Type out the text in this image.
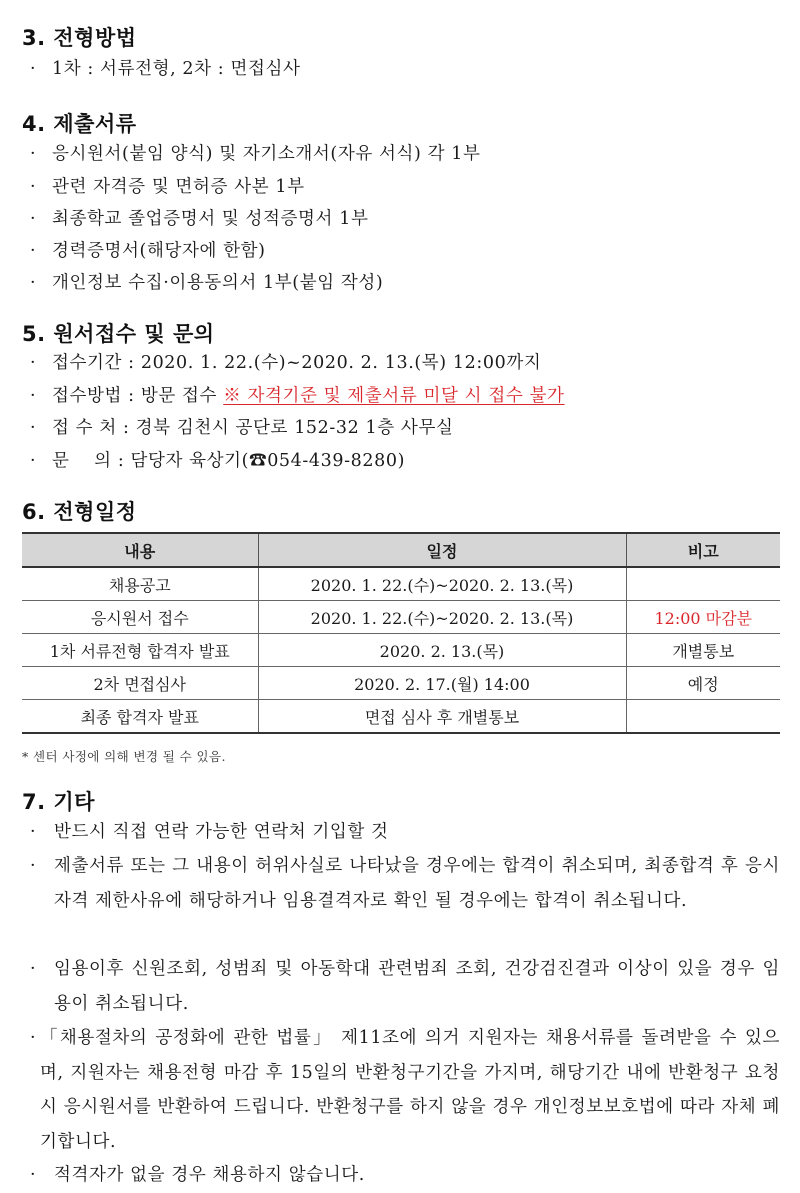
3. 전형방법
· 1차 : 서류전형, 2차 : 면접심사
4. 제출서류
· 응시원서(붙임 양식) 및 자기소개서(자유 서식) 각 1부
· 관련 자격증 및 면허증 사본 1부
· 최종학교 졸업증명서 및 성적증명서 1부
· 경력증명서(해당자에 한함)
· 개인정보 수집·이용동의서 1부(붙임 작성)
5. 원서접수 및 문의
· 접수기간 : 2020. 1. 22.(수)~2020. 2. 13.(목) 12:00까지
· 접수방법 : 방문 접수 ※ 자격기준 및 제출서류 미달 시 접수 불가
· 접 수 처 : 경북 김천시 공단로 152-32 1층 사무실
· 문    의 : 담당자 육상기(☎054-439-8280)
6. 전형일정
내용	일정	비고
채용공고	2020. 1. 22.(수)~2020. 2. 13.(목)	
응시원서 접수	2020. 1. 22.(수)~2020. 2. 13.(목)	12:00 마감분
1차 서류전형 합격자 발표	2020. 2. 13.(목)	개별통보
2차 면접심사	2020. 2. 17.(월) 14:00	예정
최종 합격자 발표	면접 심사 후 개별통보	
* 센터 사정에 의해 변경 될 수 있음.
7. 기타
·	반드시 직접 연락 가능한 연락처 기입할 것
·	제출서류 또는 그 내용이 허위사실로 나타났을 경우에는 합격이 취소되며, 최종합격 후 응시자격 제한사유에 해당하거나 임용결격자로 확인 될 경우에는 합격이 취소됩니다.
·	임용이후 신원조회, 성범죄 및 아동학대 관련범죄 조회, 건강검진결과 이상이 있을 경우 임용이 취소됩니다.
· 「채용절차의 공정화에 관한 법률」 제11조에 의거 지원자는 채용서류를 돌려받을 수 있으며, 지원자는 채용전형 마감 후 15일의 반환청구기간을 가지며, 해당기간 내에 반환청구 요청 시 응시원서를 반환하여 드립니다. 반환청구를 하지 않을 경우 개인정보보호법에 따라 자체 폐기합니다.
·	적격자가 없을 경우 채용하지 않습니다.
